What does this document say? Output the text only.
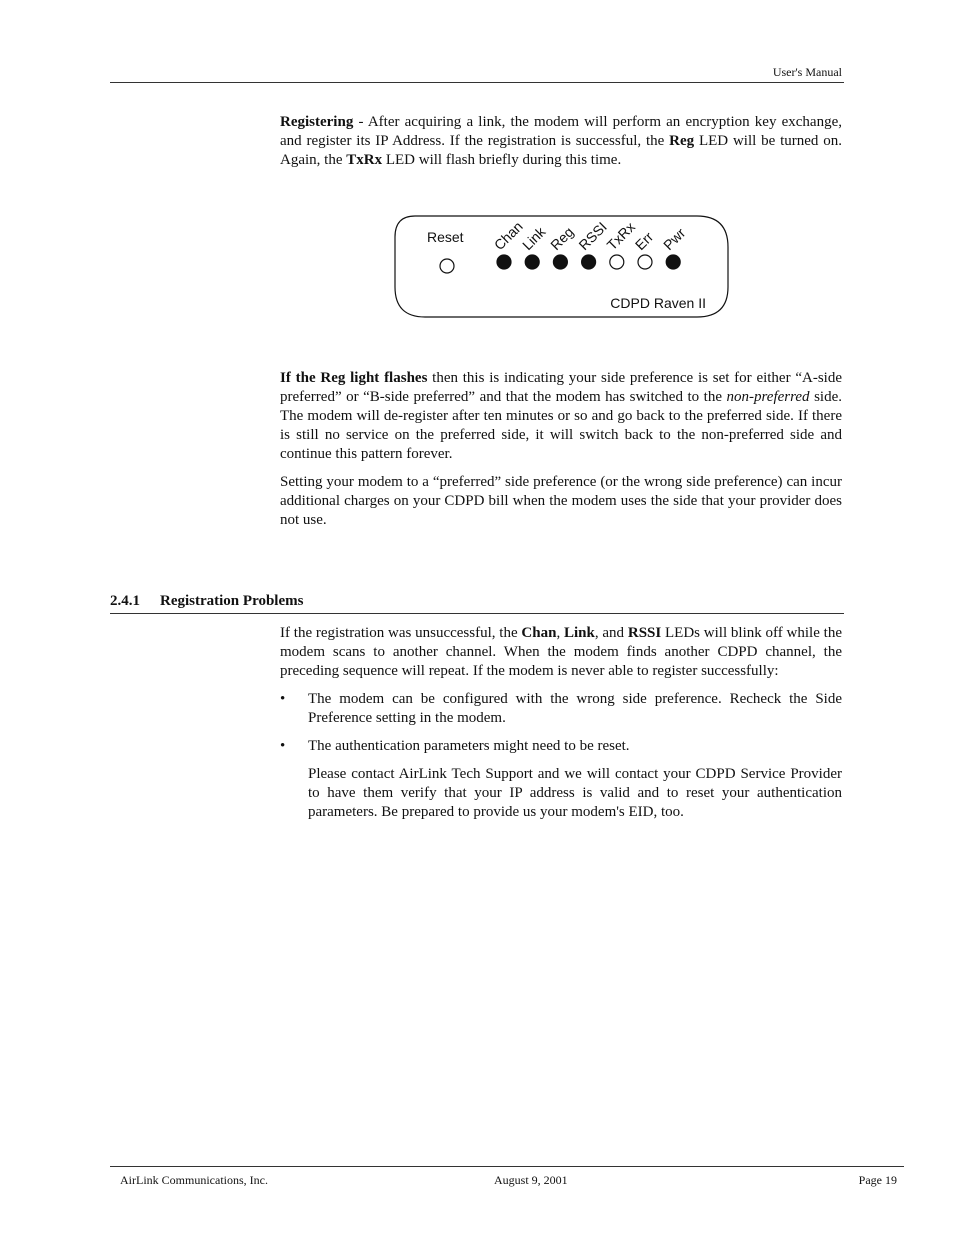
User's Manual

Registering - After acquiring a link, the modem will perform an encryption key exchange, and register its IP Address. If the registration is successful, the Reg LED will be turned on. Again, the TxRx LED will flash briefly during this time.

Reset Chan
Link
Reg
RSSI
TxRx
Err Pwr
CDPD Raven II

If the Reg light flashes then this is indicating your side preference is set for either “A-side preferred” or “B-side preferred” and that the modem has switched to the non-preferred side. The modem will de-register after ten minutes or so and go back to the preferred side. If there is still no service on the preferred side, it will switch back to the non-preferred side and continue this pattern forever.

Setting your modem to a “preferred” side preference (or the wrong side preference) can incur additional charges on your CDPD bill when the modem uses the side that your provider does not use.

2.4.1 Registration Problems

If the registration was unsuccessful, the Chan, Link, and RSSI LEDs will blink off while the modem scans to another channel. When the modem finds another CDPD channel, the preceding sequence will repeat. If the modem is never able to register successfully:

• The modem can be configured with the wrong side preference. Recheck the Side Preference setting in the modem.
• The authentication parameters might need to be reset.

Please contact AirLink Tech Support and we will contact your CDPD Service Provider to have them verify that your IP address is valid and to reset your authentication parameters. Be prepared to provide us your modem's EID, too.

AirLink Communications, Inc.	August 9, 2001	Page 19
